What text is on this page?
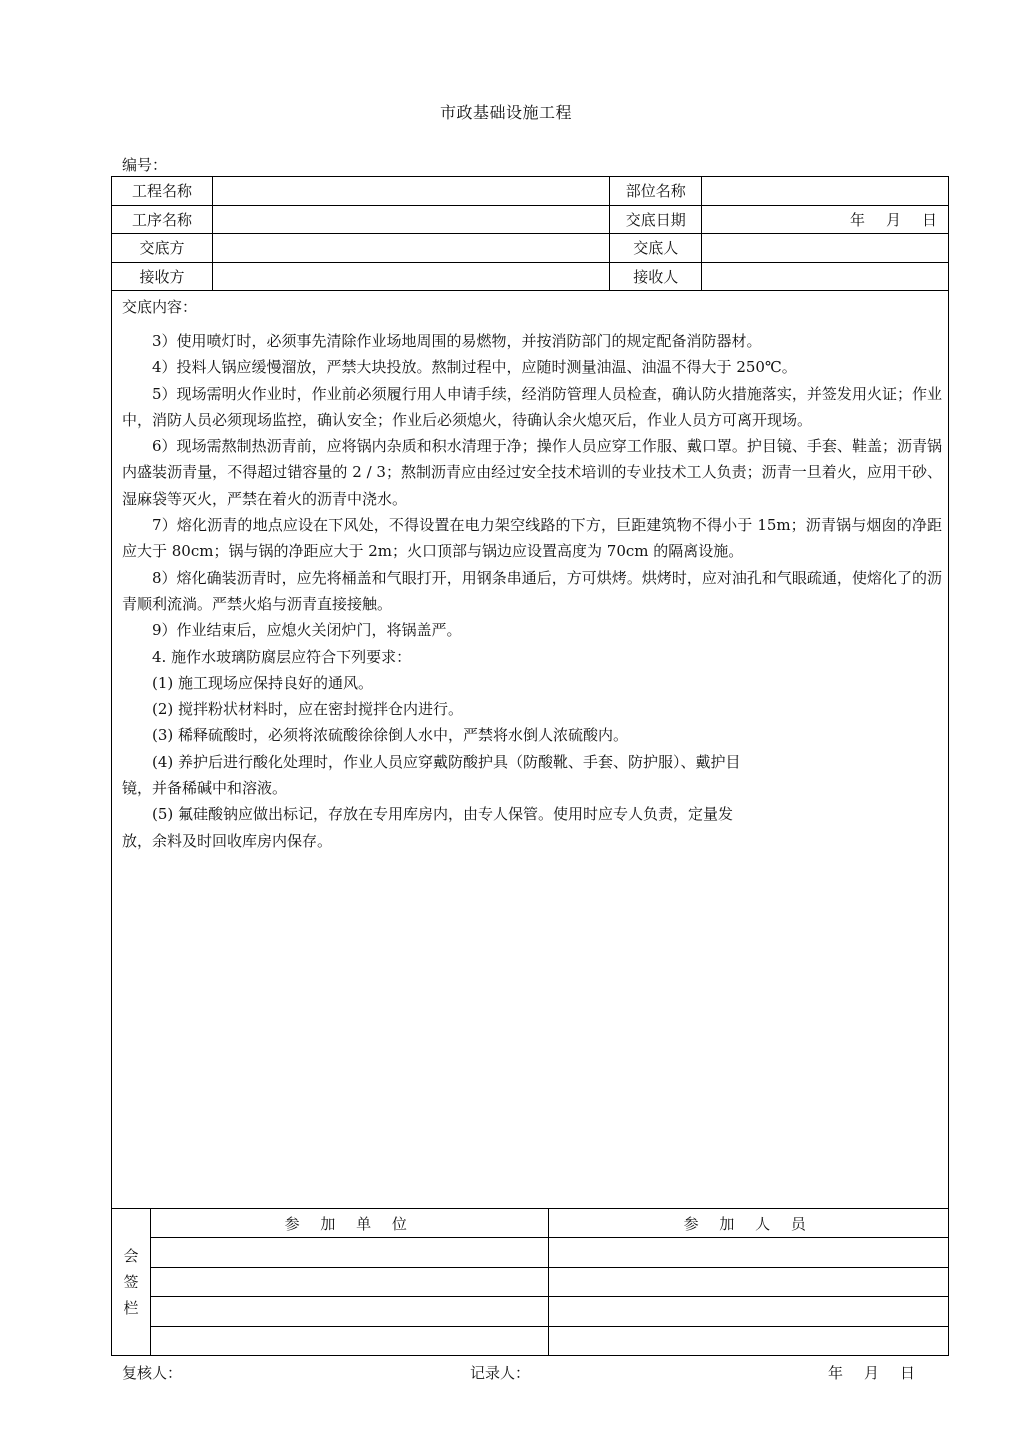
市政基础设施工程
编号：
工程名称		部位名称	
工序名称		交底日期	年 月 日
交底方		交底人	
接收方		接收人	
交底内容：

3）使用喷灯时，必须事先清除作业场地周围的易燃物，并按消防部门的规定配备消防器材。

4）投料人锅应缓慢溜放，严禁大块投放。熬制过程中，应随时测量油温、油温不得大于 250℃。

5）现场需明火作业时，作业前必须履行用人申请手续，经消防管理人员检查，确认防火措施落实，并签发用火证；作业中，消防人员必须现场监控，确认安全；作业后必须熄火，待确认余火熄灭后，作业人员方可离开现场。

6）现场需熬制热沥青前，应将锅内杂质和积水清理于净；操作人员应穿工作服、戴口罩。护目镜、手套、鞋盖；沥青锅内盛装沥青量，不得超过错容量的 2 / 3；熬制沥青应由经过安全技术培训的专业技术工人负责；沥青一旦着火，应用干砂、湿麻袋等灭火，严禁在着火的沥青中浇水。

7）熔化沥青的地点应设在下风处，不得设置在电力架空线路的下方，巨距建筑物不得小于 15m；沥青锅与烟囱的净距应大于 80cm；锅与锅的净距应大于 2m；火口顶部与锅边应设置高度为 70cm 的隔离设施。

8）熔化确装沥青时，应先将桶盖和气眼打开，用钢条串通后，方可烘烤。烘烤时，应对油孔和气眼疏通，使熔化了的沥青顺利流淌。严禁火焰与沥青直接接触。

9）作业结束后，应熄火关闭炉门，将锅盖严。

4. 施作水玻璃防腐层应符合下列要求：

(1) 施工现场应保持良好的通风。

(2) 搅拌粉状材料时，应在密封搅拌仓内进行。

(3) 稀释硫酸时，必须将浓硫酸徐徐倒人水中，严禁将水倒人浓硫酸内。

(4) 养护后进行酸化处理时，作业人员应穿戴防酸护具（防酸靴、手套、防护服）、戴护目

镜，并备稀碱中和溶液。

(5) 氟硅酸钠应做出标记，存放在专用库房内，由专人保管。使用时应专人负责，定量发

放，余料及时回收库房内保存。

会
签
栏	参 加 单 位	参 加 人 员

复核人：	记录人：	年 月 日
